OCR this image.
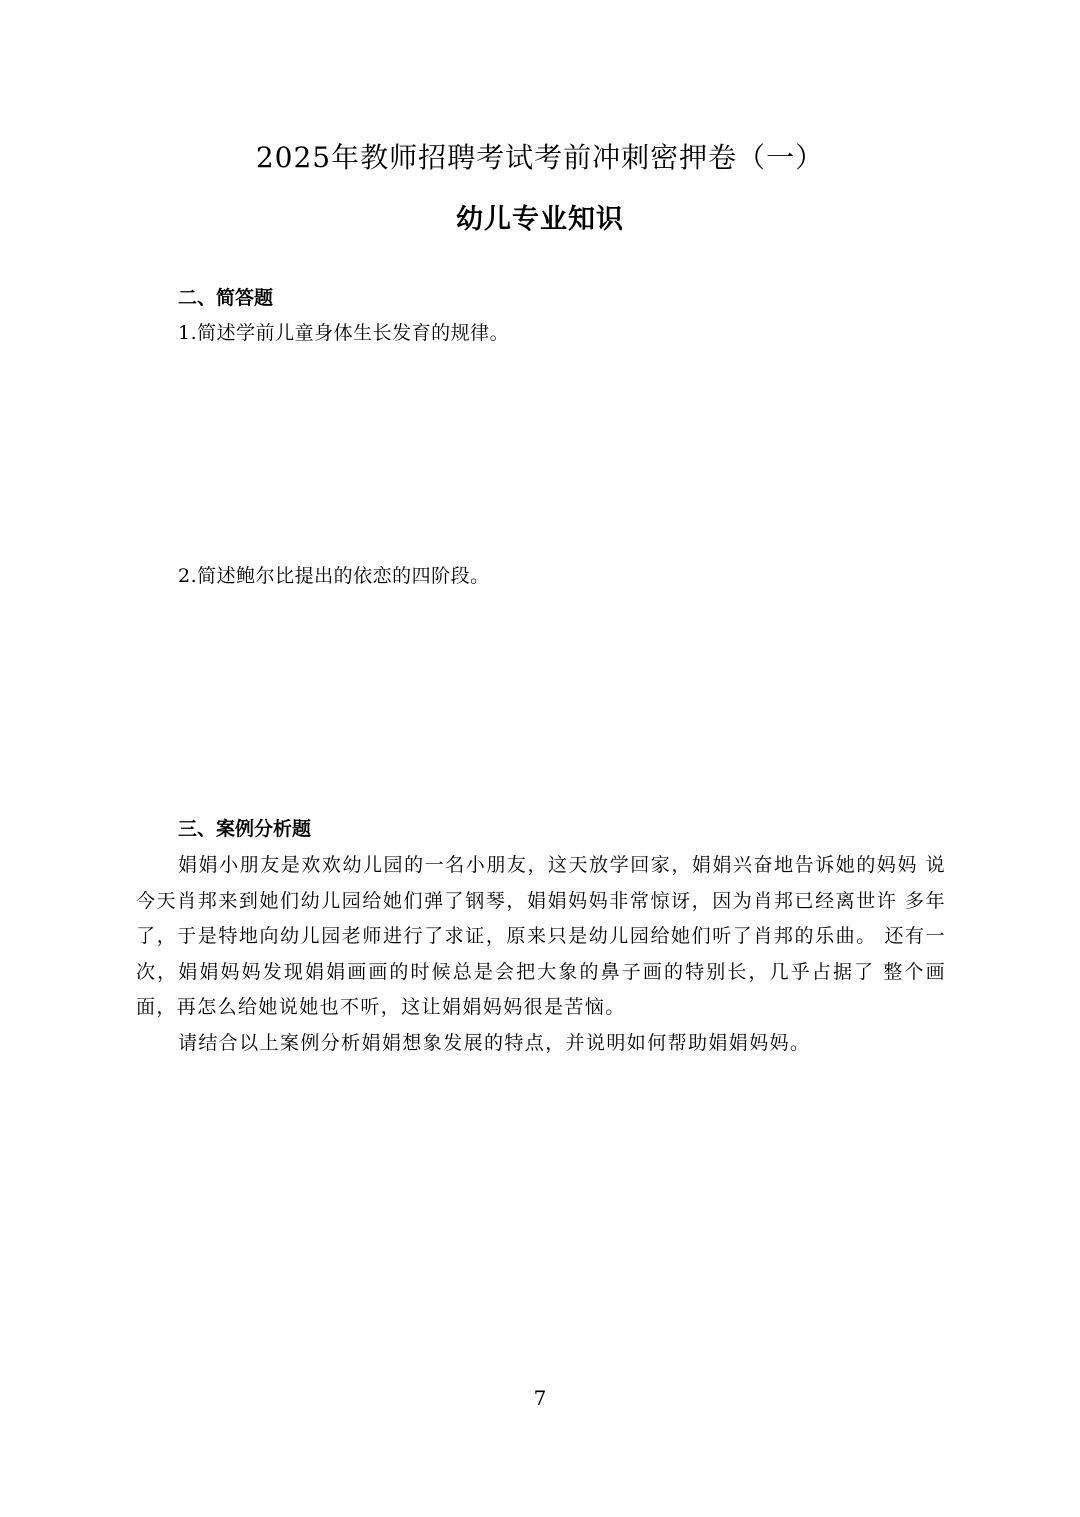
2025年教师招聘考试考前冲刺密押卷（一）
幼儿专业知识
二、简答题

1.简述学前儿童身体生长发育的规律。

2.简述鲍尔比提出的依恋的四阶段。

三、案例分析题

娟娟小朋友是欢欢幼儿园的一名小朋友，这天放学回家，娟娟兴奋地告诉她的妈妈 说今天肖邦来到她们幼儿园给她们弹了钢琴，娟娟妈妈非常惊讶，因为肖邦已经离世许 多年了，于是特地向幼儿园老师进行了求证，原来只是幼儿园给她们听了肖邦的乐曲。 还有一次，娟娟妈妈发现娟娟画画的时候总是会把大象的鼻子画的特别长，几乎占据了 整个画面，再怎么给她说她也不听，这让娟娟妈妈很是苦恼。

请结合以上案例分析娟娟想象发展的特点，并说明如何帮助娟娟妈妈。

7
